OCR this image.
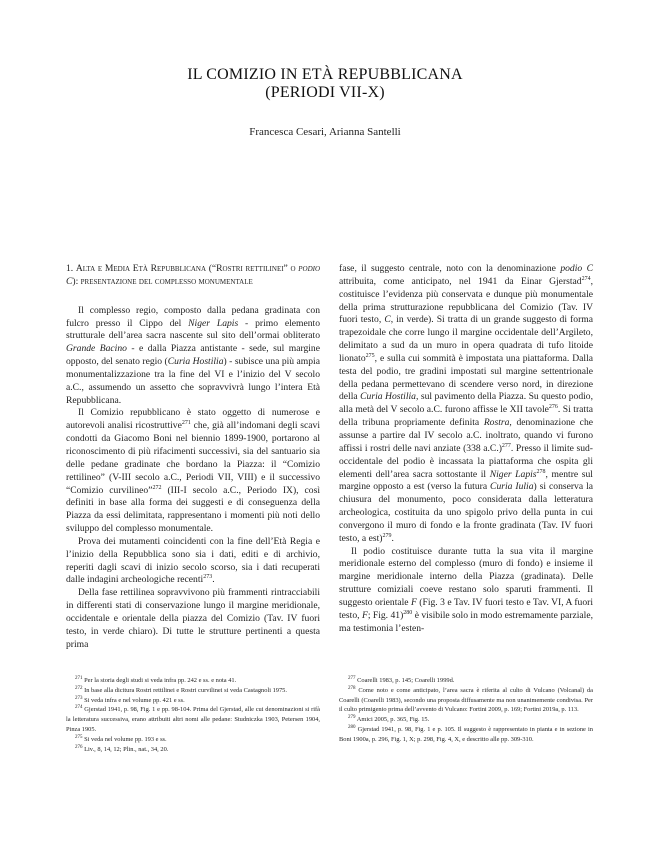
IL COMIZIO IN ETÀ REPUBBLICANA
(PERIODI VII-X)
Francesca Cesari, Arianna Santelli
1. Alta e Media Età Repubblicana (“Rostri rettilinei” o podio C): presentazione del complesso monumentale

Il complesso regio, composto dalla pedana gradinata con fulcro presso il Cippo del Niger Lapis - primo elemento strutturale dell’area sacra nascente sul sito dell’ormai obliterato Grande Bacino - e dalla Piazza antistante - sede, sul margine opposto, del senato regio (Curia Hostilia) - subisce una più ampia monumentalizzazione tra la fine del VI e l’inizio del V secolo a.C., assumendo un assetto che sopravvivrà lungo l’intera Età Repubblicana.

Il Comizio repubblicano è stato oggetto di numerose e autorevoli analisi ricostruttive$^{271}$ che, già all’indomani degli scavi condotti da Giacomo Boni nel biennio 1899-1900, portarono al riconoscimento di più rifacimenti successivi, sia del santuario sia delle pedane gradinate che bordano la Piazza: il “Comizio rettilineo” (V-III secolo a.C., Periodi VII, VIII) e il successivo “Comizio curvilineo”$^{272}$ (III-I secolo a.C., Periodo IX), così definiti in base alla forma dei suggesti e di conseguenza della Piazza da essi delimitata, rappresentano i momenti più noti dello sviluppo del complesso monumentale.

Prova dei mutamenti coincidenti con la fine dell’Età Regia e l’inizio della Repubblica sono sia i dati, editi e di archivio, reperiti dagli scavi di inizio secolo scorso, sia i dati recuperati dalle indagini archeologiche recenti$^{273}$.

Della fase rettilinea sopravvivono più frammenti rintracciabili in differenti stati di conservazione lungo il margine meridionale, occidentale e orientale della piazza del Comizio (Tav. IV fuori testo, in verde chiaro). Di tutte le strutture pertinenti a questa prima

fase, il suggesto centrale, noto con la denominazione podio C attribuita, come anticipato, nel 1941 da Einar Gjerstad$^{274}$, costituisce l’evidenza più conservata e dunque più monumentale della prima strutturazione repubblicana del Comizio (Tav. IV fuori testo, C, in verde). Si tratta di un grande suggesto di forma trapezoidale che corre lungo il margine occidentale dell’Argileto, delimitato a sud da un muro in opera quadrata di tufo litoide lionato$^{275}$, e sulla cui sommità è impostata una piattaforma. Dalla testa del podio, tre gradini impostati sul margine settentrionale della pedana permettevano di scendere verso nord, in direzione della Curia Hostilia, sul pavimento della Piazza. Su questo podio, alla metà del V secolo a.C. furono affisse le XII tavole$^{276}$. Si tratta della tribuna propriamente definita Rostra, denominazione che assunse a partire dal IV secolo a.C. inoltrato, quando vi furono affissi i rostri delle navi anziate (338 a.C.)$^{277}$. Presso il limite sud-occidentale del podio è incassata la piattaforma che ospita gli elementi dell’area sacra sottostante il Niger Lapis$^{278}$, mentre sul margine opposto a est (verso la futura Curia Iulia) si conserva la chiusura del monumento, poco considerata dalla letteratura archeologica, costituita da uno spigolo privo della punta in cui convergono il muro di fondo e la fronte gradinata (Tav. IV fuori testo, a est)$^{279}$.

Il podio costituisce durante tutta la sua vita il margine meridionale esterno del complesso (muro di fondo) e insieme il margine meridionale interno della Piazza (gradinata). Delle strutture comiziali coeve restano solo sparuti frammenti. Il suggesto orientale F (Fig. 3 e Tav. IV fuori testo e Tav. VI, A fuori testo, F; Fig. 41)$^{280}$ è visibile solo in modo estremamente parziale, ma testimonia l’esten-

$^{271}$ Per la storia degli studi si veda infra pp. 242 e ss. e nota 41.

$^{272}$ In base alla dicitura Rostri rettilinei e Rostri curvilinei si veda Castagnoli 1975.

$^{273}$ Si veda infra e nel volume pp. 421 e ss.

$^{274}$ Gjerstad 1941, p. 98, Fig. 1 e pp. 98-104. Prima del Gjerstad, alle cui denominazioni si rifà la letteratura successiva, erano attribuiti altri nomi alle pedane: Studniczka 1903, Petersen 1904, Pinza 1905.

$^{275}$ Si veda nel volume pp. 193 e ss.

$^{276}$ Liv., 8, 14, 12; Plin., nat., 34, 20.

$^{277}$ Coarelli 1983, p. 145; Coarelli 1999d.

$^{278}$ Come noto e come anticipato, l’area sacra è riferita al culto di Vulcano (Volcanal) da Coarelli (Coarelli 1983), secondo una proposta diffusamente ma non unanimemente condivisa. Per il culto primigenio prima dell’avvento di Vulcano: Fortini 2009, p. 169; Fortini 2019a, p. 113.

$^{279}$ Amici 2005, p. 365, Fig. 15.

$^{280}$ Gjerstad 1941, p. 98, Fig. 1 e p. 105. Il suggesto è rappresentato in pianta e in sezione in Boni 1900a, p. 296, Fig. 1, X; p. 298, Fig. 4, X, e descritto alle pp. 309-310.
